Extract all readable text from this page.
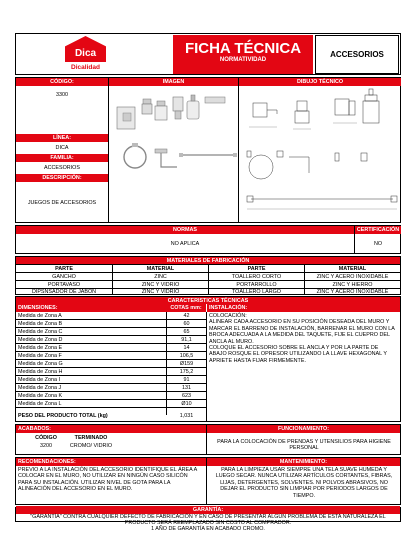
Dica
Dicalidad
FICHA TÉCNICA
NORMATIVIDAD
ACCESORIOS
CÓDIGO:	IMAGEN	DIBUJO TÉCNICO
3300
LÍNEA:
DICA
FAMILIA:
ACCESORIOS
DESCRIPCIÓN:
JUEGOS DE ACCESORIOS
NORMAS	CERTIFICACIÓN
NO APLICA	NO
MATERIALES DE FABRICACIÓN
PARTE	MATERIAL	PARTE	MATERIAL
GANCHO	ZINC	TOALLERO CORTO	ZINC Y ACERO INOXIDABLE
PORTAVASO	ZINC Y VIDRIO	PORTARROLLO	ZINC Y HIERRO
DIPSNSADOR DE JABÓN	ZINC Y VIDRIO	TOALLERO LARGO	ZINC Y ACERO INOXIDABLE
CARACTERISTICAS TÉCNICAS
DIMENSIONES:	COTAS mm:	INSTALACIÓN:
Medida de Zona A	42
Medida de Zona B	60
Medida de Zona C	65
Medida de Zona D	91,1
Medida de Zona E	14
Medida de Zona F	106,5
Medida de Zona G	Ø159
Medida de Zona H	175,2
Medida de Zona I	91
Medida de Zona J	131
Medida de Zona K	623
Medida de Zona L	Ø10
PESO DEL PRODUCTO TOTAL (kg)	1,031
COLOCACIÓN:
ALINEAR CADA ACCESORIO EN SU POSICIÓN DESEADA DEL MURO Y
MARCAR EL BARRENO DE INSTALACIÓN, BARRENAR EL MURO CON LA
BROCA ADECUADA A LA MEDIDA DEL TAQUETE, FIJE EL CUEPRO DEL
ANCLA AL MURO.
COLOQUE EL ACCESORIO SOBRE EL ANCLA Y POR LA PARTE DE
ABAJO ROSQUE EL OPRESOR UTILIZANDO LA LLAVE HEXAGONAL Y
APRIETE HASTA FIJAR FIRMEMENTE.
ACABADOS:	FUNCIONAMIENTO:
CÓDIGO	TERMINADO
3200	CROMO/ VIDRIO
PARA LA COLOCACIÓN DE PRENDAS Y UTENSILIOS PARA HIGIENE PERSONAL
RECOMENDACIONES:	MANTENIMIENTO:
PREVIO A LA INSTALACIÓN DEL ACCESORIO IDENTIFIQUE EL ÁREA A
COLOCAR EN EL MURO, NO UTILIZAR EN NINGÚN CASO SILICÓN
PARA SU INSTALACIÓN. UTILIZAR NIVEL DE GOTA PARA LA
ALINEACIÓN DEL ACCESORIO EN EL MURO.
PARA LA LIMPIEZA USAR SIEMPRE UNA TELA SUAVE HUMEDA Y
LUEGO SECAR. NUNCA UTILIZAR ARTÍCULOS CORTANTES, FIBRAS,
LIJAS, DETERGENTES, SOLVENTES. NI POLVOS ABRASIVOS, NO
DEJAR EL PRODUCTO SIN LIMPIAR POR PERIODOS LARGOS DE
TIEMPO.
GARANTÍA:
"GARANTÍA" CONTRA CUALQUIER DEFECTO DE FABRICACIÓN Y EN CASO DE PRESENTAR ALGÚN PROBLEMA DE ESTA NATURALEZA EL
PRODUCTO SERÁ REEMPLAZADO SIN COSTO AL COMPRADOR.
1 AÑO DE GARANTÍA EN ACABADO CROMO.
